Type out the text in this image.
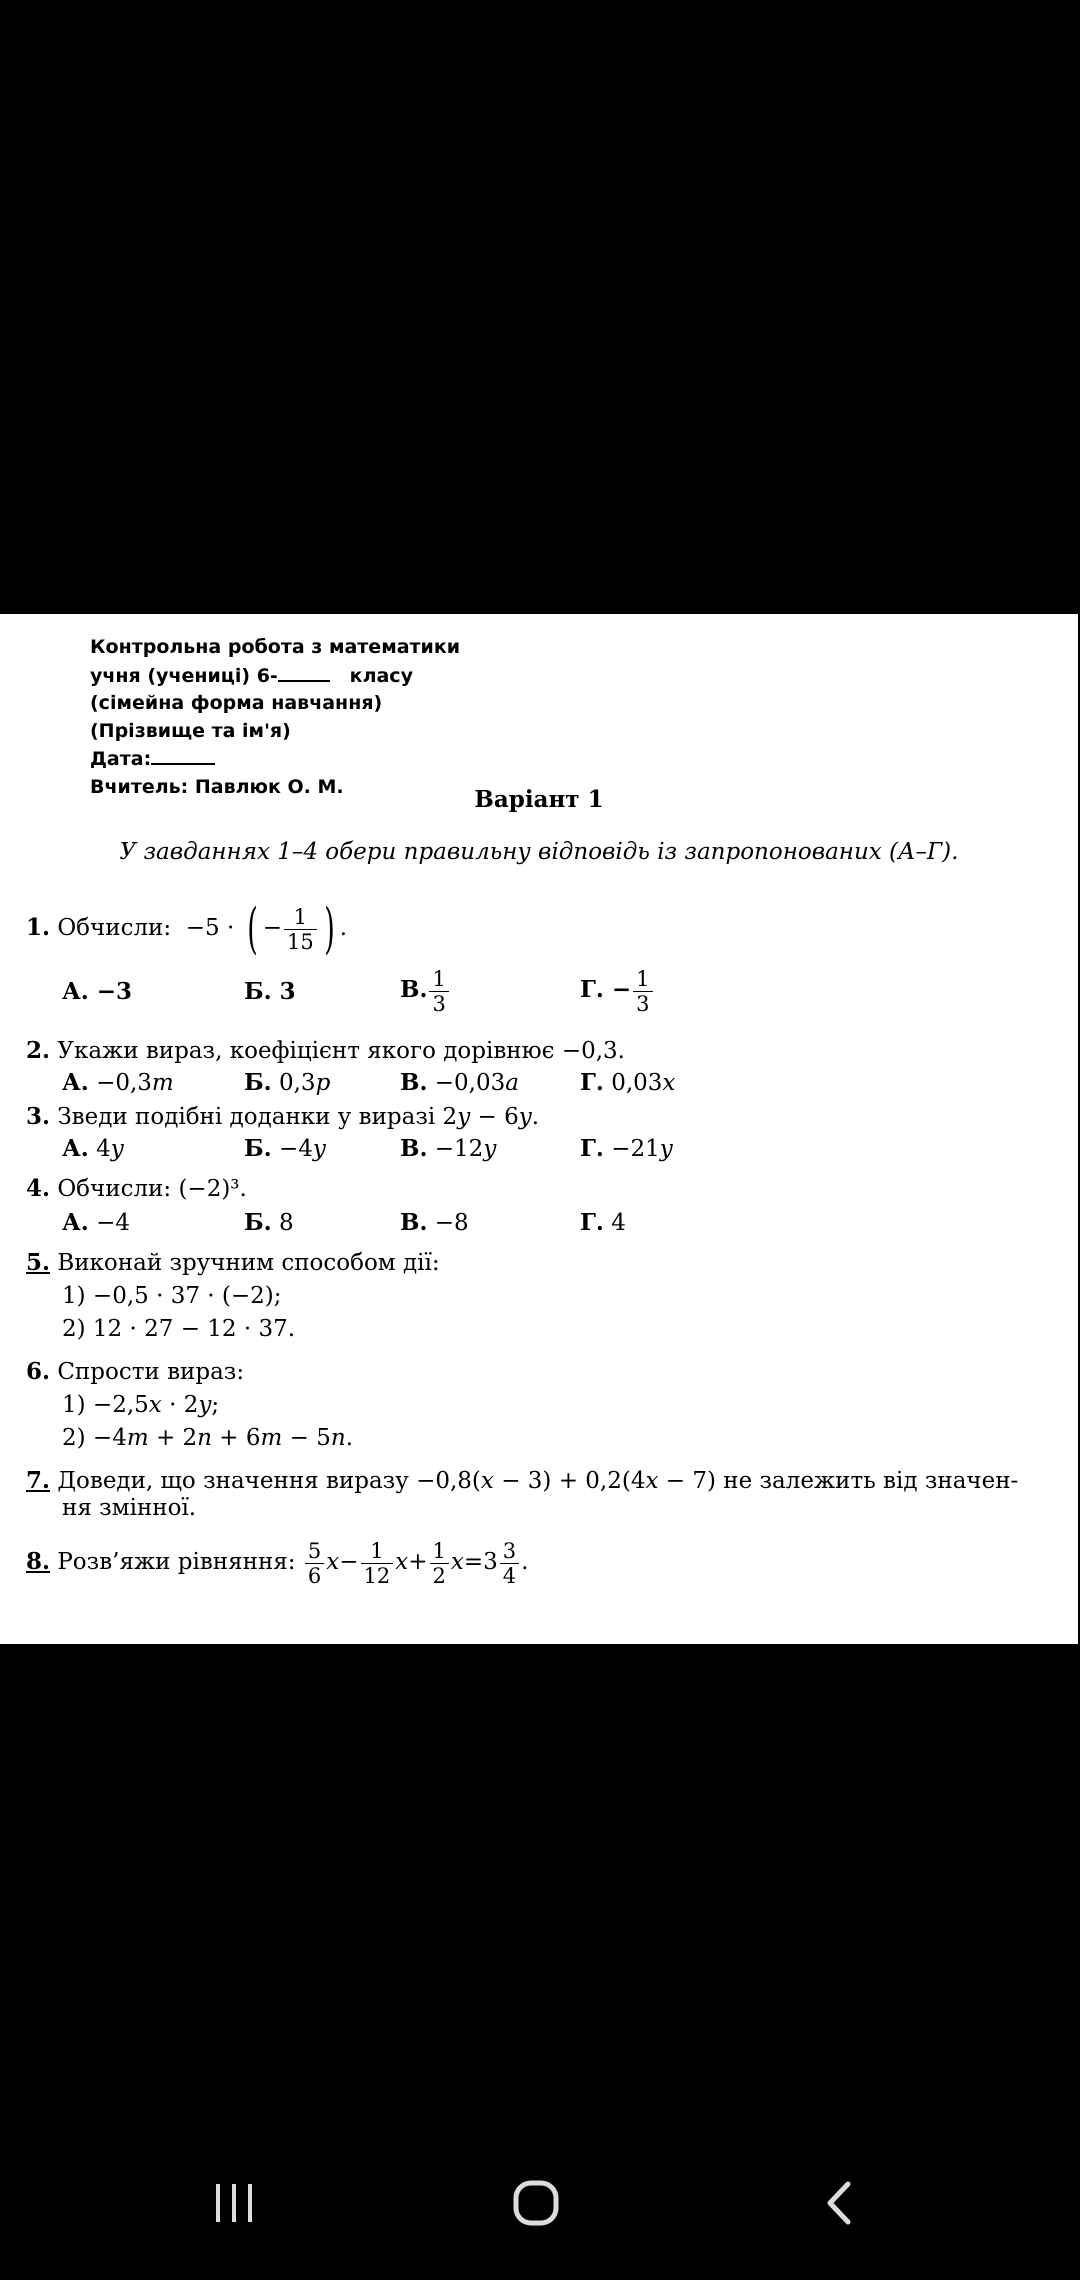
Контрольна робота з математики
учня (учениці) 6-	класу
(сімейна форма навчання)
(Прізвище та ім'я)
Дата:
Вчитель: Павлюк О. М.	Варіант 1
У завданнях 1–4 обери правильну відповідь із запропонованих (А–Г).
1. Обчисли: −5 · ( − $\frac{1}{15}$ ) .
А. −3	Б. 3	В. $\frac{1}{3}$	Г. − $\frac{1}{3}$
2. Укажи вираз, коефіцієнт якого дорівнює −0,3.
А. −0,3m	Б. 0,3p	В. −0,03a	Г. 0,03x
3. Зведи подібні доданки у виразі 2y − 6y.
А. 4y	Б. −4y	В. −12y	Г. −21y
4. Обчисли: (−2)³.
А. −4	Б. 8	В. −8	Г. 4
5. Виконай зручним способом дії:
1) −0,5 · 37 · (−2);
2) 12 · 27 − 12 · 37.
6. Спрости вираз:
1) −2,5x · 2y;
2) −4m + 2n + 6m − 5n.
7. Доведи, що значення виразу −0,8(x − 3) + 0,2(4x − 7) не залежить від значен-
ня змінної.
8. Розв’яжи рівняння: $\frac{5}{6} x- \frac{1}{12} x+ \frac{1}{2} x=3 \frac{3}{4}$ .
